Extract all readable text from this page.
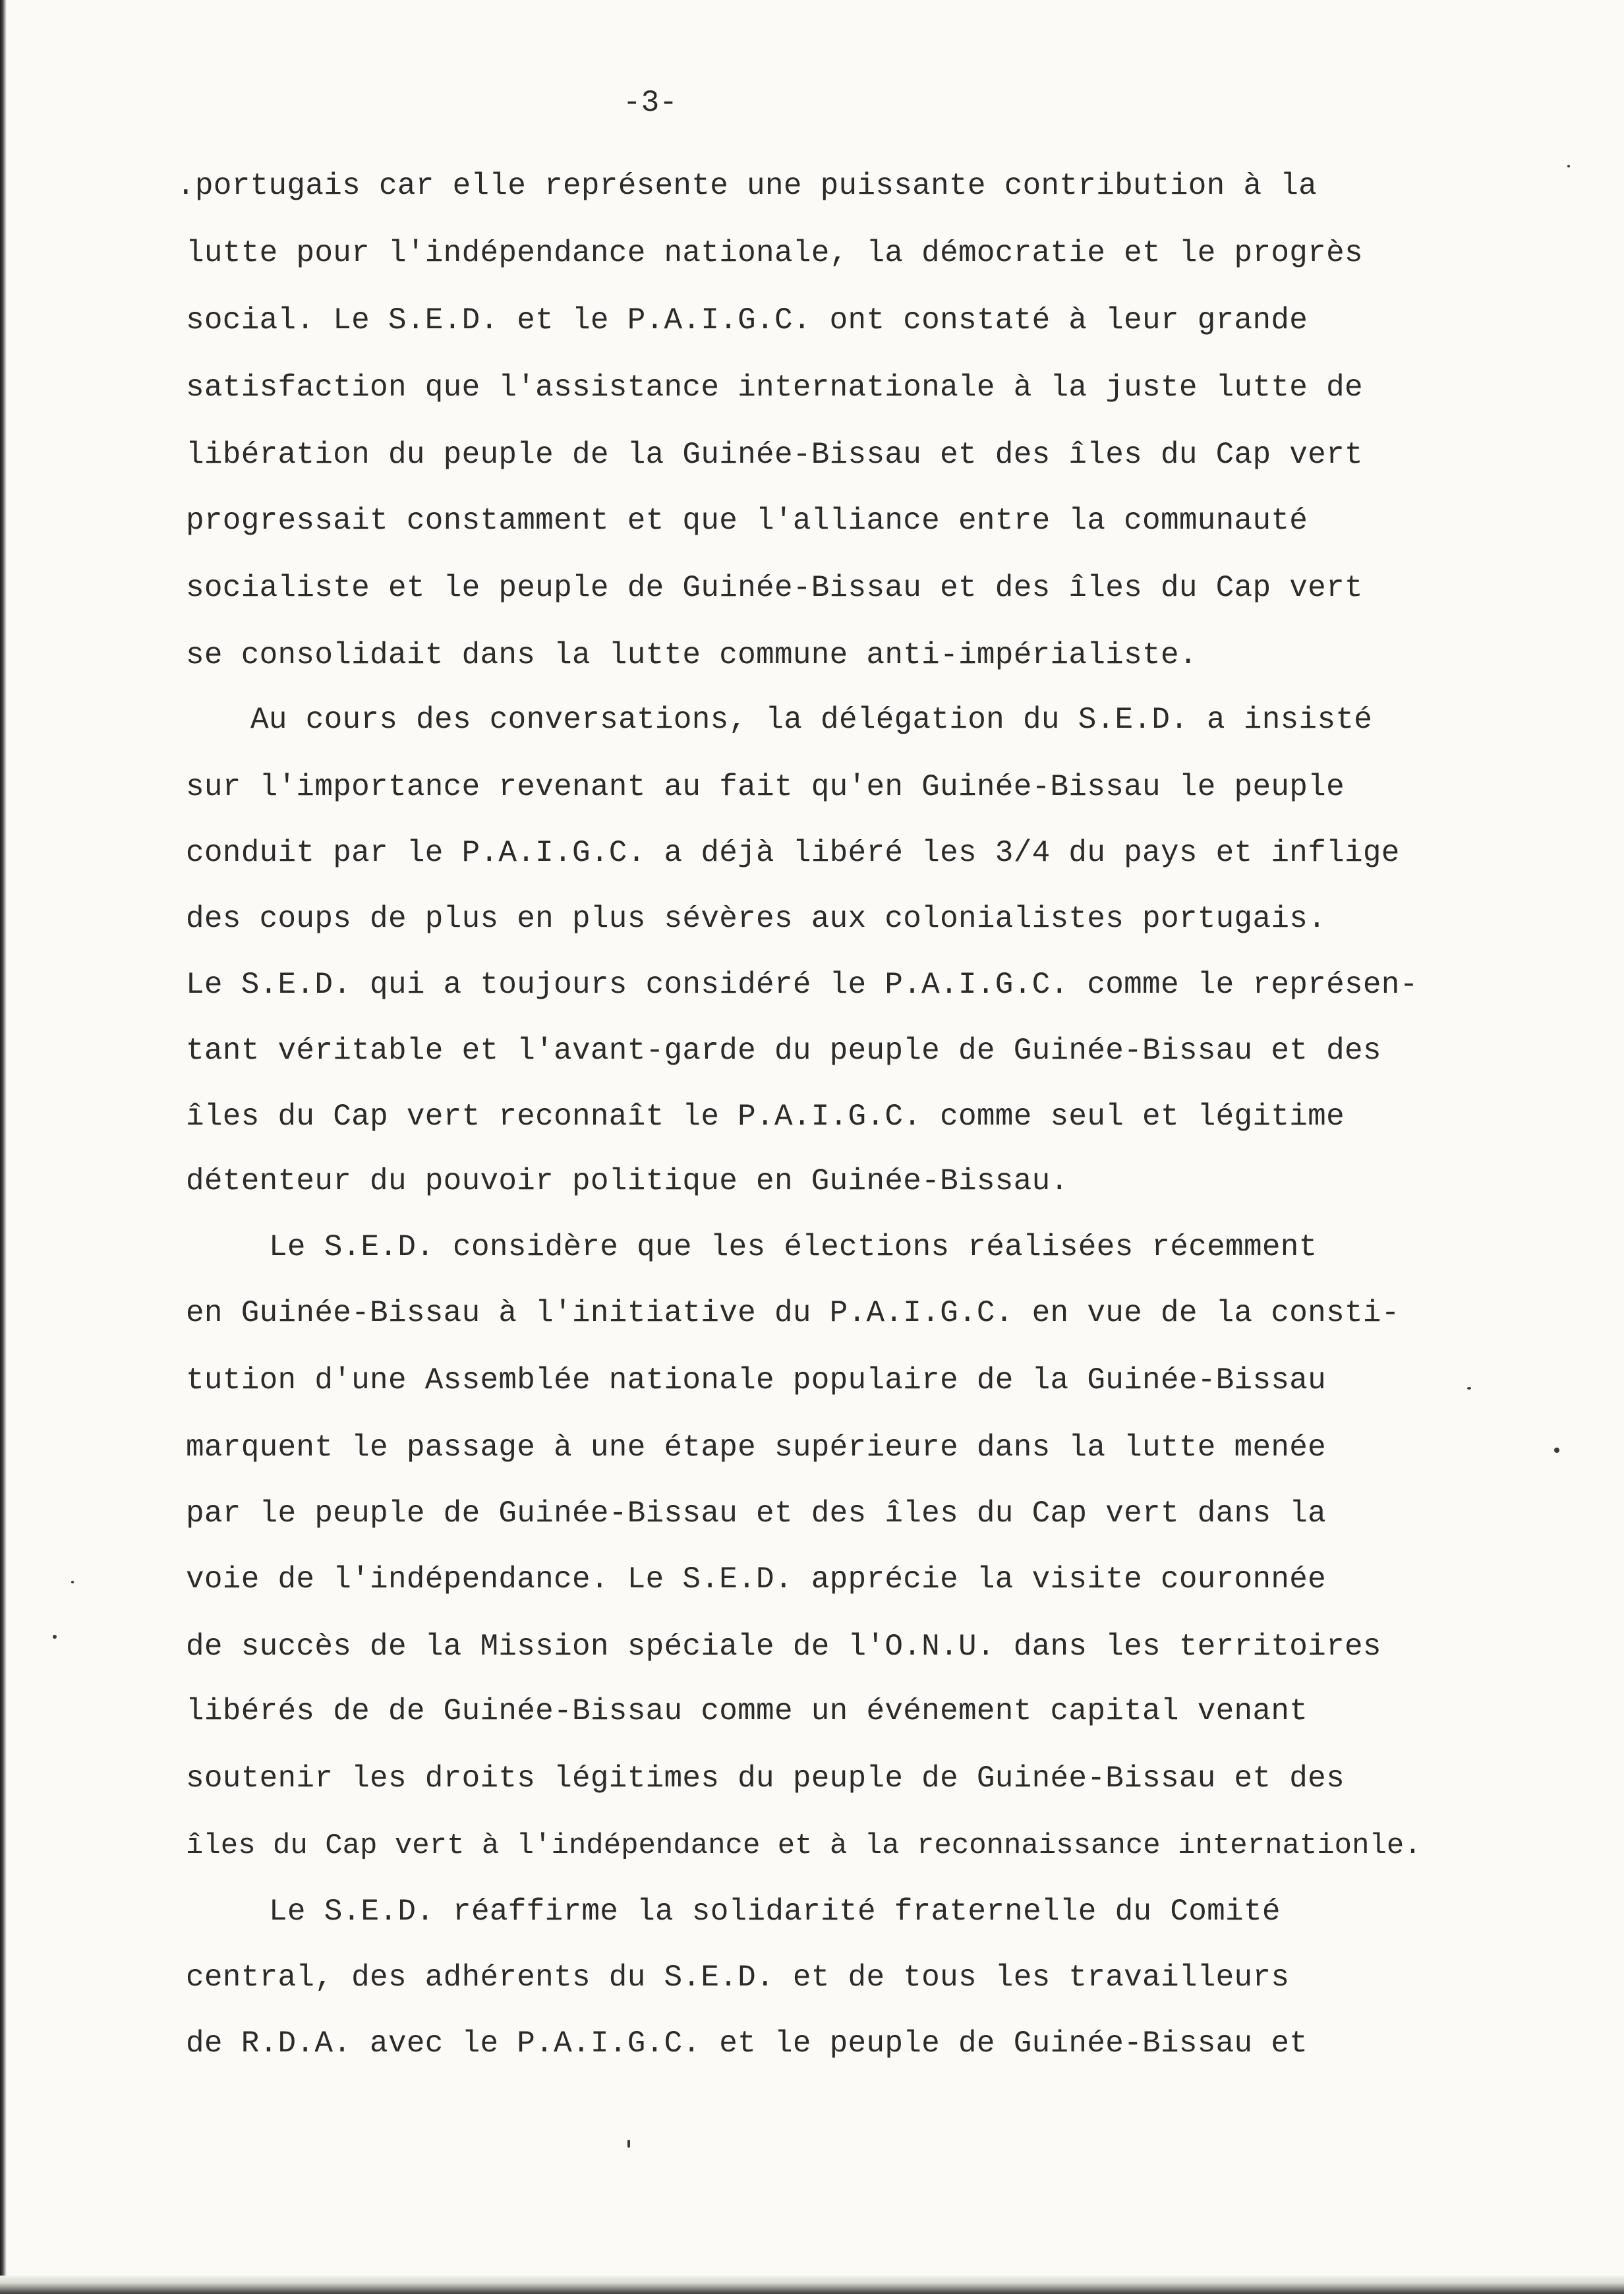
-3-
.portugais car elle représente une puissante contribution à la
lutte pour l'indépendance nationale, la démocratie et le progrès
social. Le S.E.D. et le P.A.I.G.C. ont constaté à leur grande
satisfaction que l'assistance internationale à la juste lutte de
libération du peuple de la Guinée-Bissau et des îles du Cap vert
progressait constamment et que l'alliance entre la communauté
socialiste et le peuple de Guinée-Bissau et des îles du Cap vert
se consolidait dans la lutte commune anti-impérialiste.
Au cours des conversations, la délégation du S.E.D. a insisté
sur l'importance revenant au fait qu'en Guinée-Bissau le peuple
conduit par le P.A.I.G.C. a déjà libéré les 3/4 du pays et inflige
des coups de plus en plus sévères aux colonialistes portugais.
Le S.E.D. qui a toujours considéré le P.A.I.G.C. comme le représen-
tant véritable et l'avant-garde du peuple de Guinée-Bissau et des
îles du Cap vert reconnaît le P.A.I.G.C. comme seul et légitime
détenteur du pouvoir politique en Guinée-Bissau.
Le S.E.D. considère que les élections réalisées récemment
en Guinée-Bissau à l'initiative du P.A.I.G.C. en vue de la consti-
tution d'une Assemblée nationale populaire de la Guinée-Bissau
marquent le passage à une étape supérieure dans la lutte menée
par le peuple de Guinée-Bissau et des îles du Cap vert dans la
voie de l'indépendance. Le S.E.D. apprécie la visite couronnée
de succès de la Mission spéciale de l'O.N.U. dans les territoires
libérés de de Guinée-Bissau comme un événement capital venant
soutenir les droits légitimes du peuple de Guinée-Bissau et des
îles du Cap vert à l'indépendance et à la reconnaissance internationle.
Le S.E.D. réaffirme la solidarité fraternelle du Comité
central, des adhérents du S.E.D. et de tous les travailleurs
de R.D.A. avec le P.A.I.G.C. et le peuple de Guinée-Bissau et
